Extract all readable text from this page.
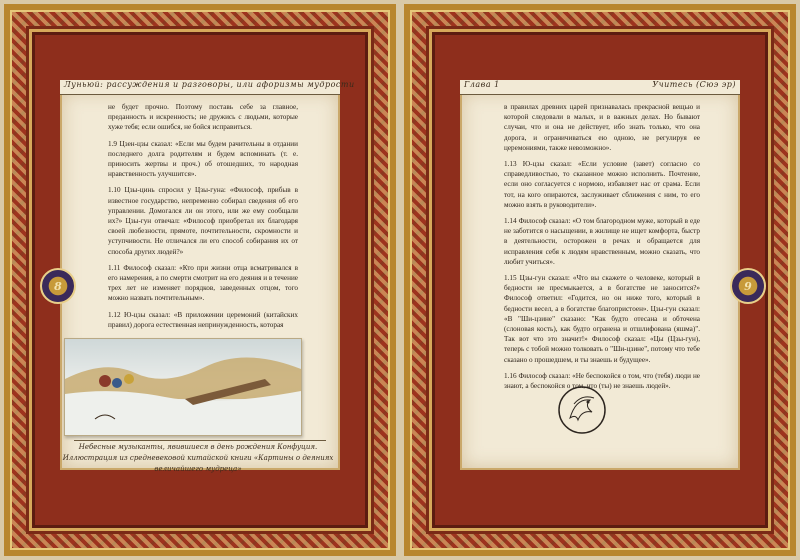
Луньюй: рассуждения и разговоры, или афоризмы мудрости

не будет прочно. Поэтому поставь себе за главное, преданность и искренность; не дружись с людьми, которые хуже тебя; если ошибся, не бойся исправиться.

1.9 Цзен-цзы сказал: «Если мы будем рачительны в отдании последнего долга родителям и будем вспоминать (т. е. приносить жертвы и проч.) об отошедших, то народная нравственность улучшится».

1.10 Цзы-цинь спросил у Цзы-гуна: «Философ, прибыв в известное государство, непременно собирал сведения об его управлении. Домогался ли он этого, или же ему сообщали их?» Цзы-гун отвечал: «Философ приобретал их благодаря своей любезности, прямоте, почтительности, скромности и уступчивости. Не отличался ли его способ собирания их от способа других людей?»

1.11 Философ сказал: «Кто при жизни отца всматривался в его намерения, а по смерти смотрит на его деяния и в течение трех лет не изменяет порядков, заведенных отцом, того можно назвать почтительным».

1.12 Ю-цзы сказал: «В приложении церемоний (китайских правил) дорога естественная непринужденность, которая

Небесные музыканты, явившиеся в день рождения Конфуция. Иллюстрация из средневековой китайской книги «Картины о деяниях величайшего мудреца»
8
Глава 1	Учитесь (Сюэ эр)

в правилах древних царей признавалась прекрасной вещью и которой следовали в малых, и в важных делах. Но бывают случаи, что и она не действует, ибо знать только, что она дорога, и ограничиваться ею одною, не регулируя ее церемониями, также невозможно».

1.13 Ю-цзы сказал: «Если условие (завет) согласно со справедливостью, то сказанное можно исполнить. Почтение, если оно согласуется с нормою, избавляет нас от срама. Если тот, на кого опираются, заслуживает сближения с ним, то его можно взять в руководители».

1.14 Философ сказал: «О том благородном муже, который в еде не заботится о насыщении, в жилище не ищет комфорта, быстр в деятельности, осторожен в речах и обращается для исправления себя к людям нравственным, можно сказать, что любит учиться».

1.15 Цзы-гун сказал: «Что вы скажете о человеке, который в бедности не пресмыкается, а в богатстве не заносится?» Философ ответил: «Годится, но он ниже того, который в бедности весел, а в богатстве благопристоен». Цзы-гун сказал: «В "Ши-цзине" сказано: "Как будто отесана и обточена (слоновая кость), как будто огранена и отшлифована (яшма)". Так вот что это значит!» Философ сказал: «Цы (Цзы-гун), теперь с тобой можно толковать о "Ши-цзине", потому что тебе сказано о прошедшем, и ты знаешь и будущее».

1.16 Философ сказал: «Не беспокойся о том, что (тебя) люди не знают, а беспокойся о том, что (ты) не знаешь людей».

9
